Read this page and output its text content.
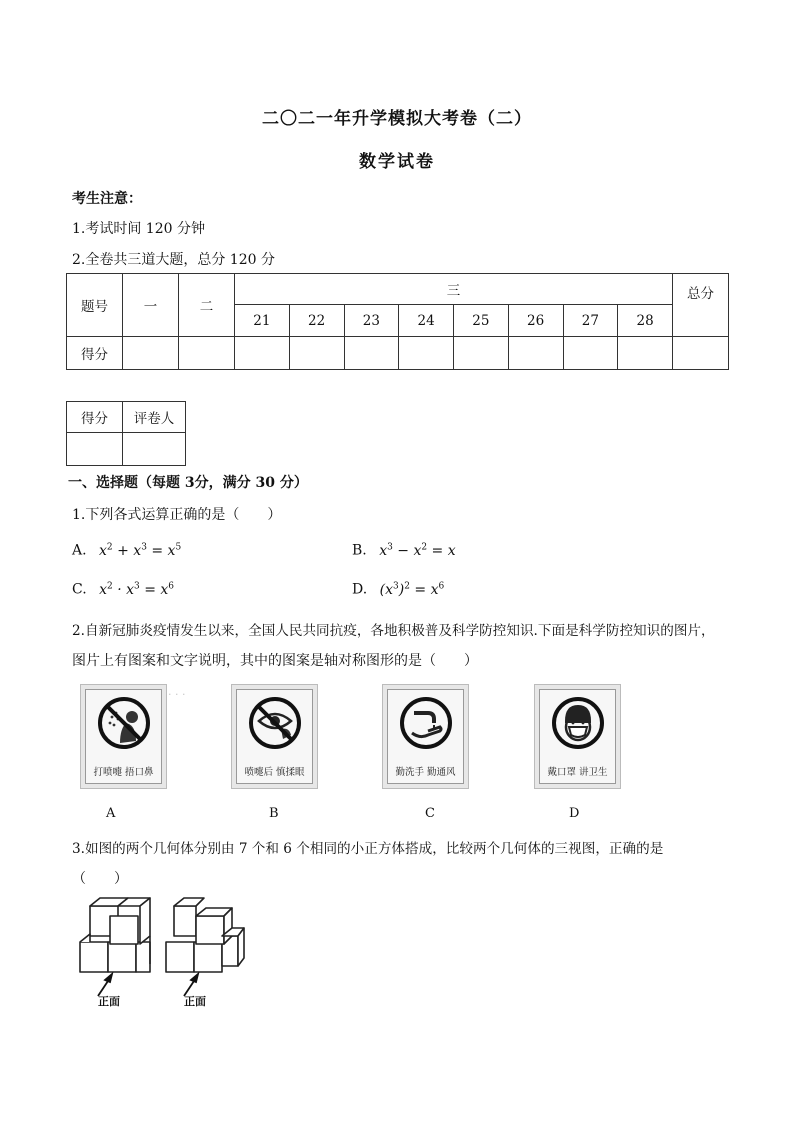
二〇二一年升学模拟大考卷（二）
数学试卷
考生注意：
1.考试时间 120 分钟
2.全卷共三道大题，总分 120 分
题号	一	二	三								总分
			21	22	23	24	25	26	27	28	
得分											
得分	评卷人

一、选择题（每题 3分，满分 30 分）
1.下列各式运算正确的是（　　）
A. $x^2 + x^3 = x^5$	B. $x^3 - x^2 = x$
C. $x^2 \cdot x^3 = x^6$	D. $(x^3)^2 = x^6$
2.自新冠肺炎疫情发生以来，全国人民共同抗疫，各地积极普及科学防控知识.下面是科学防控知识的图片，
图片上有图案和文字说明，其中的图案是轴对称图形的是（　　）
· · ·
打喷嚏 捂口鼻	喷嚏后 慎揉眼	勤洗手 勤通风	戴口罩 讲卫生
A	B	C	D
3.如图的两个几何体分别由 7 个和 6 个相同的小正方体搭成，比较两个几何体的三视图，正确的是
（　　）
正面	正面
